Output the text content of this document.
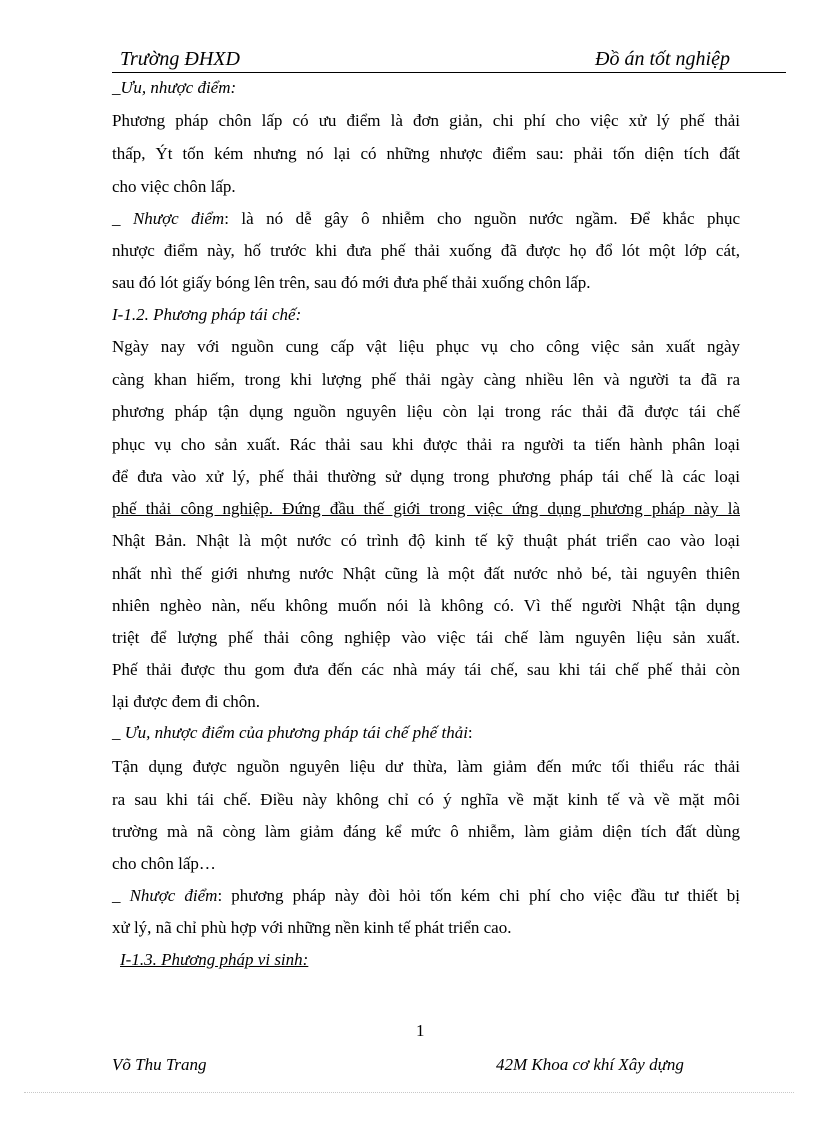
Trường ĐHXD	Đồ án tốt nghiệp

_Ưu, nhược điểm:

Phương pháp chôn lấp có ưu điểm là đơn giản, chi phí cho việc xử lý phế thải

thấp, Ýt tốn kém nhưng nó lại có những nhược điểm sau: phải tốn diện tích đất

cho việc chôn lấp.

_ Nhược điểm: là nó dễ gây ô nhiễm cho nguồn nước ngầm. Để khắc phục

nhược điểm này, hố trước khi đưa phế thải xuống đã được họ đổ lót một lớp cát,

sau đó lót giấy bóng lên trên, sau đó mới đưa phế thải xuống chôn lấp.

I-1.2. Phương pháp tái chế:

Ngày nay với nguồn cung cấp vật liệu phục vụ cho công việc sản xuất ngày

càng khan hiếm, trong khi lượng phế thải ngày càng nhiều lên và người ta đã ra

phương pháp tận dụng nguồn nguyên liệu còn lại trong rác thải đã được tái chế

phục vụ cho sản xuất. Rác thải sau khi được thải ra người ta tiến hành phân loại

để đưa vào xử lý, phế thải thường sử dụng trong phương pháp tái chế là các loại

phế thải công nghiệp. Đứng đầu thế giới trong việc ứng dụng phương pháp này là

Nhật Bản. Nhật là một nước có trình độ kinh tế kỹ thuật phát triển cao vào loại

nhất nhì thế giới nhưng nước Nhật cũng là một đất nước nhỏ bé, tài nguyên thiên

nhiên nghèo nàn, nếu không muốn nói là không có. Vì thế người Nhật tận dụng

triệt để lượng phế thải công nghiệp vào việc tái chế làm nguyên liệu sản xuất.

Phế thải được thu gom đưa đến các nhà máy tái chế, sau khi tái chế phế thải còn

lại được đem đi chôn.

_ Ưu, nhược điểm của phương pháp tái chế phế thải:

Tận dụng được nguồn nguyên liệu dư thừa, làm giảm đến mức tối thiểu rác thải

ra sau khi tái chế. Điều này không chỉ có ý nghĩa về mặt kinh tế và về mặt môi

trường mà nã còng làm giảm đáng kể mức ô nhiễm, làm giảm diện tích đất dùng

cho chôn lấp…

_ Nhược điểm: phương pháp này đòi hỏi tốn kém chi phí cho việc đầu tư thiết bị

xử lý, nã chỉ phù hợp với những nền kinh tế phát triển cao.

I-1.3. Phương pháp vi sinh:

1
Võ Thu Trang	42M Khoa cơ khí Xây dựng
